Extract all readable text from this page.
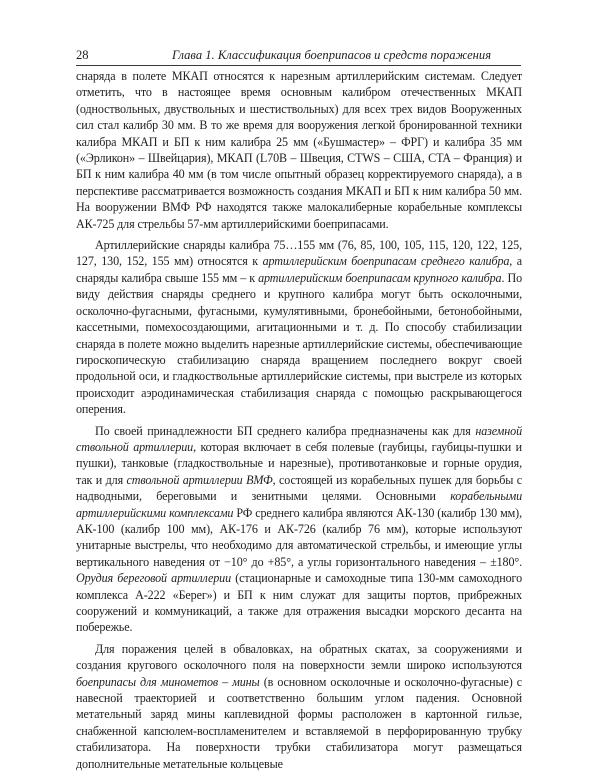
28	Глава 1. Классификация боеприпасов и средств поражения

снаряда в полете МКАП относятся к нарезным артиллерийским системам. Следует отметить, что в настоящее время основным калибром отечественных МКАП (одноствольных, двуствольных и шестиствольных) для всех трех видов Вооруженных сил стал калибр 30 мм. В то же время для вооружения легкой бронированной техники калибра МКАП и БП к ним калибра 25 мм («Бушмастер» – ФРГ) и калибра 35 мм («Эрликон» – Швейцария), МКАП (L70B – Швеция, CTWS – США, CTA – Франция) и БП к ним калибра 40 мм (в том числе опытный образец корректируемого снаряда), а в перспективе рассматривается возможность создания МКАП и БП к ним калибра 50 мм. На вооружении ВМФ РФ находятся также малокалиберные корабельные комплексы АК-725 для стрельбы 57-мм артиллерийскими боеприпасами.

Артиллерийские снаряды калибра 75…155 мм (76, 85, 100, 105, 115, 120, 122, 125, 127, 130, 152, 155 мм) относятся к артиллерийским боеприпасам среднего калибра, а снаряды калибра свыше 155 мм – к артиллерийским боеприпасам крупного калибра. По виду действия снаряды среднего и крупного калибра могут быть осколочными, осколочно-фугасными, фугасными, кумулятивными, бронебойными, бетонобойными, кассетными, помехосоздающими, агитационными и т. д. По способу стабилизации снаряда в полете можно выделить нарезные артиллерийские системы, обеспечивающие гироскопическую стабилизацию снаряда вращением последнего вокруг своей продольной оси, и гладкоствольные артиллерийские системы, при выстреле из которых происходит аэродинамическая стабилизация снаряда с помощью раскрывающегося оперения.

По своей принадлежности БП среднего калибра предназначены как для наземной ствольной артиллерии, которая включает в себя полевые (гаубицы, гаубицы-пушки и пушки), танковые (гладкоствольные и нарезные), противотанковые и горные орудия, так и для ствольной артиллерии ВМФ, состоящей из корабельных пушек для борьбы с надводными, береговыми и зенитными целями. Основными корабельными артиллерийскими комплексами РФ среднего калибра являются АК-130 (калибр 130 мм), АК-100 (калибр 100 мм), АК-176 и АК-726 (калибр 76 мм), которые используют унитарные выстрелы, что необходимо для автоматической стрельбы, и имеющие углы вертикального наведения от −10° до +85°, а углы горизонтального наведения – ±180°. Орудия береговой артиллерии (стационарные и самоходные типа 130-мм самоходного комплекса А-222 «Берег») и БП к ним служат для защиты портов, прибрежных сооружений и коммуникаций, а также для отражения высадки морского десанта на побережье.

Для поражения целей в обваловках, на обратных скатах, за сооружениями и создания кругового осколочного поля на поверхности земли широко используются боеприпасы для минометов – мины (в основном осколочные и осколочно-фугасные) с навесной траекторией и соответственно большим углом падения. Основной метательный заряд мины каплевидной формы расположен в картонной гильзе, снабженной капсюлем-воспламенителем и вставляемой в перфорированную трубку стабилизатора. На поверхности трубки стабилизатора могут размещаться дополнительные метательные кольцевые
